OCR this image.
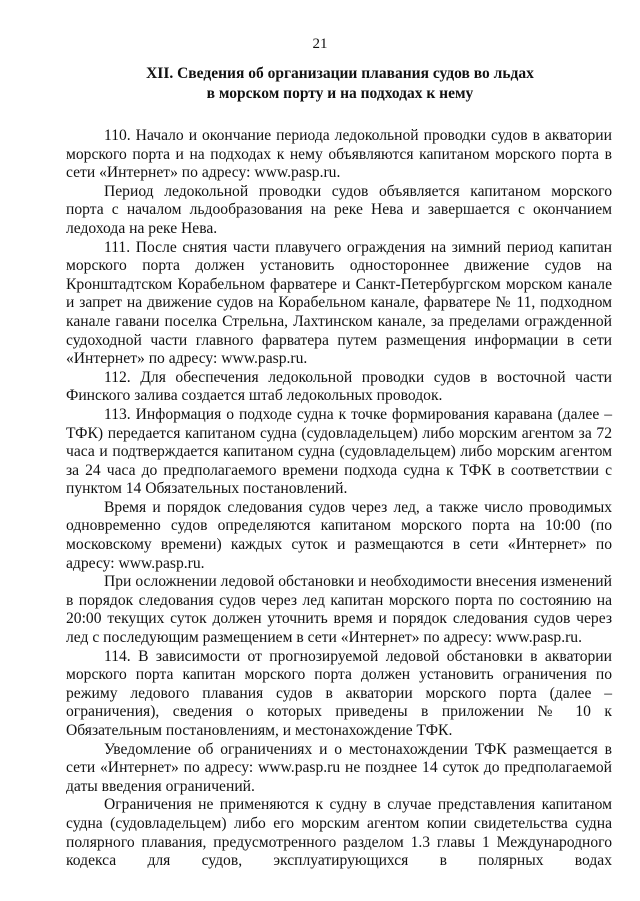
21
XII. Сведения об организации плавания судов во льдах
в морском порту и на подходах к нему

110. Начало и окончание периода ледокольной проводки судов в акватории морского порта и на подходах к нему объявляются капитаном морского порта в сети «Интернет» по адресу: www.pasp.ru.

Период ледокольной проводки судов объявляется капитаном морского порта с началом льдообразования на реке Нева и завершается с окончанием ледохода на реке Нева.

111. После снятия части плавучего ограждения на зимний период капитан морского порта должен установить одностороннее движение судов на Кронштадтском Корабельном фарватере и Санкт-Петербургском морском канале и запрет на движение судов на Корабельном канале, фарватере № 11, подходном канале гавани поселка Стрельна, Лахтинском канале, за пределами огражденной судоходной части главного фарватера путем размещения информации в сети «Интернет» по адресу: www.pasp.ru.

112. Для обеспечения ледокольной проводки судов в восточной части Финского залива создается штаб ледокольных проводок.

113. Информация о подходе судна к точке формирования каравана (далее – ТФК) передается капитаном судна (судовладельцем) либо морским агентом за 72 часа и подтверждается капитаном судна (судовладельцем) либо морским агентом за 24 часа до предполагаемого времени подхода судна к ТФК в соответствии с пунктом 14 Обязательных постановлений.

Время и порядок следования судов через лед, а также число проводимых одновременно судов определяются капитаном морского порта на 10:00 (по московскому времени) каждых суток и размещаются в сети «Интернет» по адресу: www.pasp.ru.

При осложнении ледовой обстановки и необходимости внесения изменений в порядок следования судов через лед капитан морского порта по состоянию на 20:00 текущих суток должен уточнить время и порядок следования судов через лед с последующим размещением в сети «Интернет» по адресу: www.pasp.ru.

114. В зависимости от прогнозируемой ледовой обстановки в акватории морского порта капитан морского порта должен установить ограничения по режиму ледового плавания судов в акватории морского порта (далее – ограничения), сведения о которых приведены в приложении № 10 к Обязательным постановлениям, и местонахождение ТФК.

Уведомление об ограничениях и о местонахождении ТФК размещается в сети «Интернет» по адресу: www.pasp.ru не позднее 14 суток до предполагаемой даты введения ограничений.

Ограничения не применяются к судну в случае представления капитаном судна (судовладельцем) либо его морским агентом копии свидетельства судна полярного плавания, предусмотренного разделом 1.3 главы 1 Международного кодекса для судов, эксплуатирующихся в полярных водах
